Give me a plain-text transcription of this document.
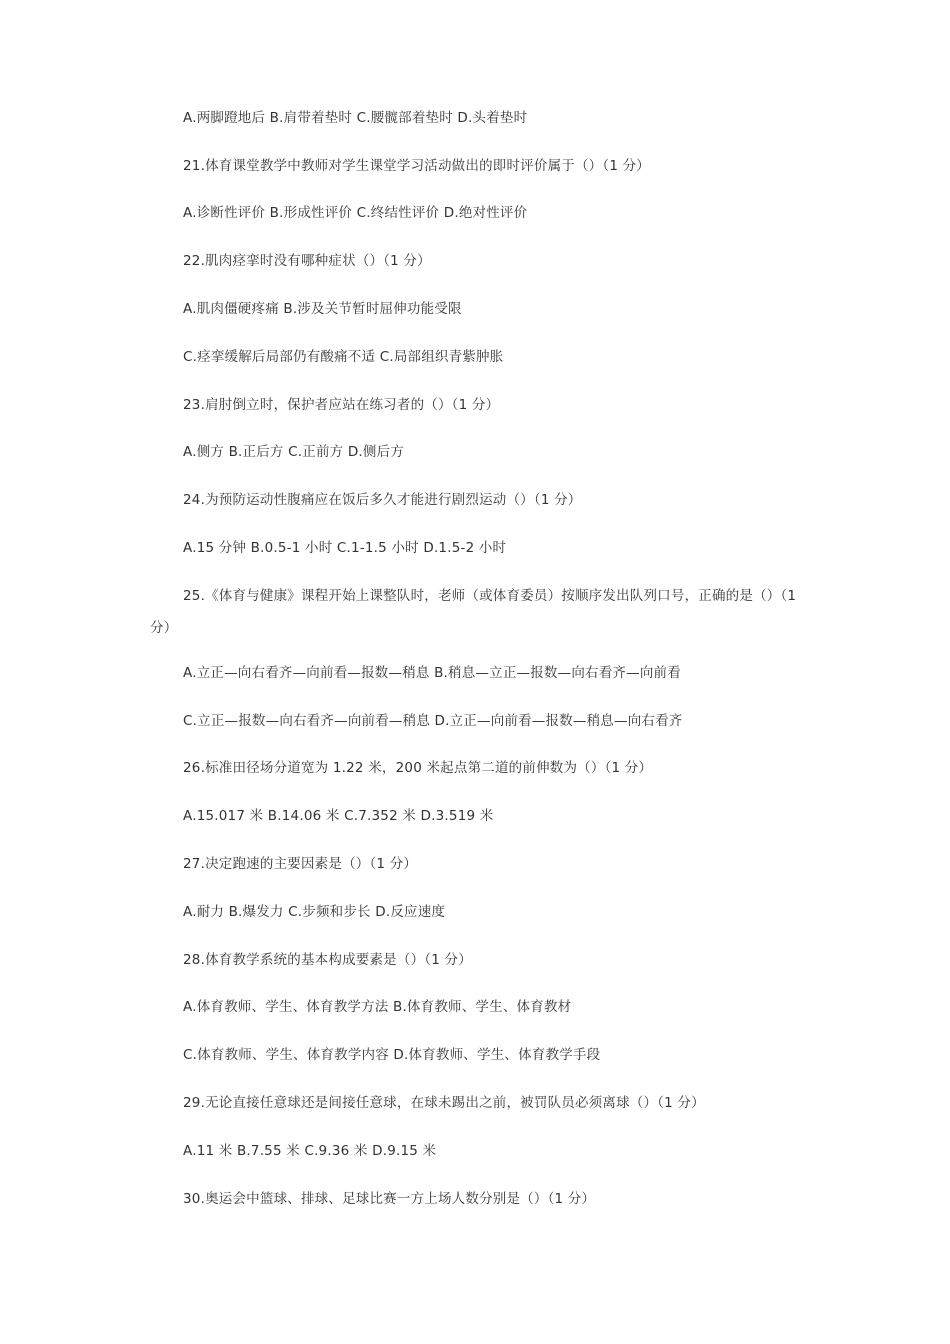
A.两脚蹬地后 B.肩带着垫时 C.腰髋部着垫时 D.头着垫时
21.体育课堂教学中教师对学生课堂学习活动做出的即时评价属于（）（1 分）
A.诊断性评价 B.形成性评价 C.终结性评价 D.绝对性评价
22.肌肉痉挛时没有哪种症状（）（1 分）
A.肌肉僵硬疼痛 B.涉及关节暂时屈伸功能受限
C.痉挛缓解后局部仍有酸痛不适 C.局部组织青紫肿胀
23.肩肘倒立时，保护者应站在练习者的（）（1 分）
A.侧方 B.正后方 C.正前方 D.侧后方
24.为预防运动性腹痛应在饭后多久才能进行剧烈运动（）（1 分）
A.15 分钟 B.0.5-1 小时 C.1-1.5 小时 D.1.5-2 小时
25.《体育与健康》课程开始上课整队时，老师（或体育委员）按顺序发出队列口号，正确的是（）（1 分）
A.立正—向右看齐—向前看—报数—稍息 B.稍息—立正—报数—向右看齐—向前看
C.立正—报数—向右看齐—向前看—稍息 D.立正—向前看—报数—稍息—向右看齐
26.标准田径场分道宽为 1.22 米，200 米起点第二道的前伸数为（）（1 分）
A.15.017 米 B.14.06 米 C.7.352 米 D.3.519 米
27.决定跑速的主要因素是（）（1 分）
A.耐力 B.爆发力 C.步频和步长 D.反应速度
28.体育教学系统的基本构成要素是（）（1 分）
A.体育教师、学生、体育教学方法 B.体育教师、学生、体育教材
C.体育教师、学生、体育教学内容 D.体育教师、学生、体育教学手段
29.无论直接任意球还是间接任意球，在球未踢出之前，被罚队员必须离球（）（1 分）
A.11 米 B.7.55 米 C.9.36 米 D.9.15 米
30.奥运会中篮球、排球、足球比赛一方上场人数分别是（）（1 分）
